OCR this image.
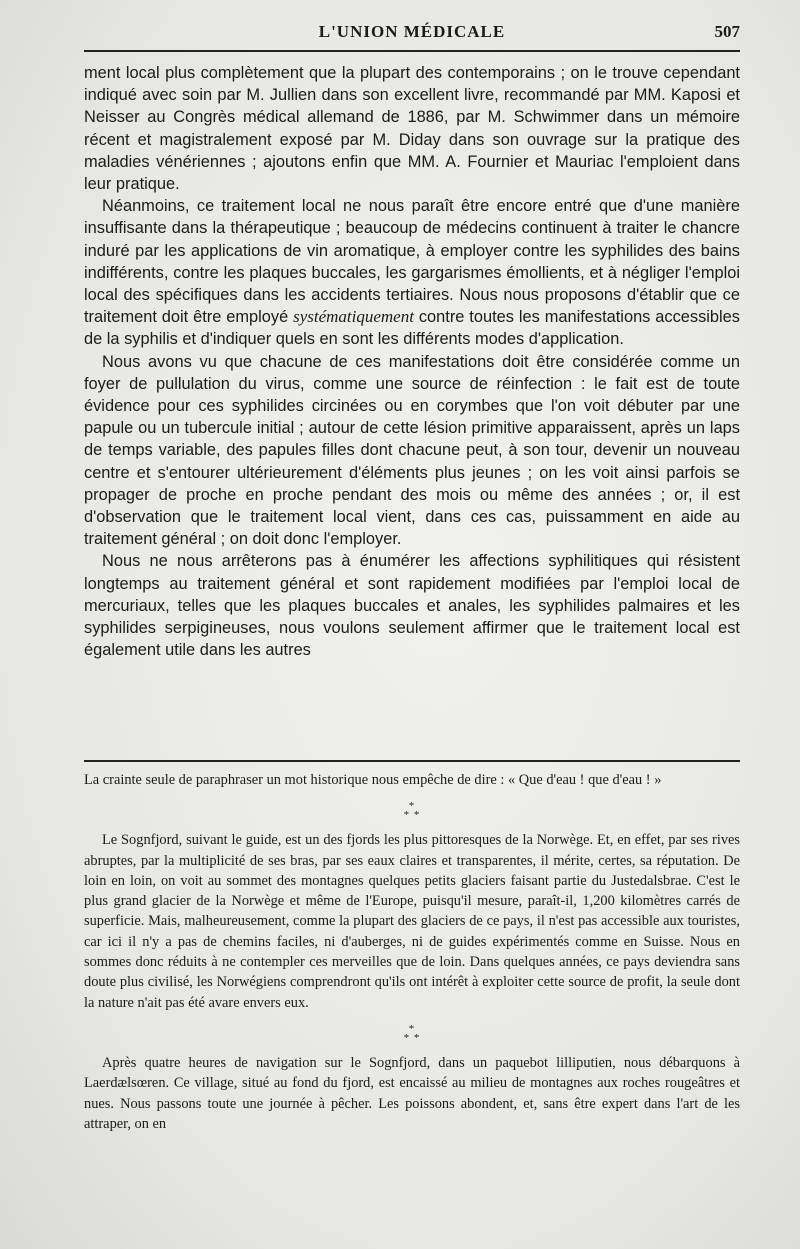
L'UNION MÉDICALE	507

ment local plus complètement que la plupart des contemporains ; on le trouve cependant indiqué avec soin par M. Jullien dans son excellent livre, recommandé par MM. Kaposi et Neisser au Congrès médical allemand de 1886, par M. Schwimmer dans un mémoire récent et magistralement exposé par M. Diday dans son ouvrage sur la pratique des maladies vénériennes ; ajoutons enfin que MM. A. Fournier et Mauriac l'emploient dans leur pratique.

Néanmoins, ce traitement local ne nous paraît être encore entré que d'une manière insuffisante dans la thérapeutique ; beaucoup de médecins continuent à traiter le chancre induré par les applications de vin aromatique, à employer contre les syphilides des bains indifférents, contre les plaques buccales, les gargarismes émollients, et à négliger l'emploi local des spécifiques dans les accidents tertiaires. Nous nous proposons d'établir que ce traitement doit être employé systématiquement contre toutes les manifestations accessibles de la syphilis et d'indiquer quels en sont les différents modes d'application.

Nous avons vu que chacune de ces manifestations doit être considérée comme un foyer de pullulation du virus, comme une source de réinfection : le fait est de toute évidence pour ces syphilides circinées ou en corymbes que l'on voit débuter par une papule ou un tubercule initial ; autour de cette lésion primitive apparaissent, après un laps de temps variable, des papules filles dont chacune peut, à son tour, devenir un nouveau centre et s'entourer ultérieurement d'éléments plus jeunes ; on les voit ainsi parfois se propager de proche en proche pendant des mois ou même des années ; or, il est d'observation que le traitement local vient, dans ces cas, puissamment en aide au traitement général ; on doit donc l'employer.

Nous ne nous arrêterons pas à énumérer les affections syphilitiques qui résistent longtemps au traitement général et sont rapidement modifiées par l'emploi local de mercuriaux, telles que les plaques buccales et anales, les syphilides palmaires et les syphilides serpigineuses, nous voulons seulement affirmer que le traitement local est également utile dans les autres

La crainte seule de paraphraser un mot historique nous empêche de dire : « Que d'eau ! que d'eau ! »

*
* *

Le Sognfjord, suivant le guide, est un des fjords les plus pittoresques de la Norwège. Et, en effet, par ses rives abruptes, par la multiplicité de ses bras, par ses eaux claires et transparentes, il mérite, certes, sa réputation. De loin en loin, on voit au sommet des montagnes quelques petits glaciers faisant partie du Justedalsbrae. C'est le plus grand glacier de la Norwège et même de l'Europe, puisqu'il mesure, paraît-il, 1,200 kilomètres carrés de superficie. Mais, malheureusement, comme la plupart des glaciers de ce pays, il n'est pas accessible aux touristes, car ici il n'y a pas de chemins faciles, ni d'auberges, ni de guides expérimentés comme en Suisse. Nous en sommes donc réduits à ne contempler ces merveilles que de loin. Dans quelques années, ce pays deviendra sans doute plus civilisé, les Norwégiens comprendront qu'ils ont intérêt à exploiter cette source de profit, la seule dont la nature n'ait pas été avare envers eux.

*
* *

Après quatre heures de navigation sur le Sognfjord, dans un paquebot lilliputien, nous débarquons à Laerdælsœren. Ce village, situé au fond du fjord, est encaissé au milieu de montagnes aux roches rougeâtres et nues. Nous passons toute une journée à pêcher. Les poissons abondent, et, sans être expert dans l'art de les attraper, on en
